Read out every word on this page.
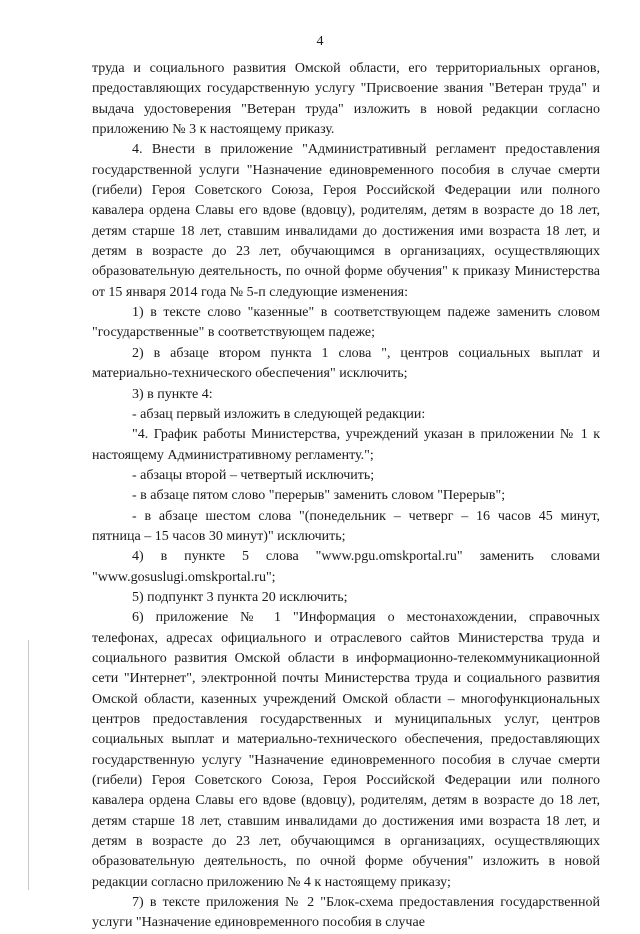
4

труда и социального развития Омской области, его территориальных органов, предоставляющих государственную услугу "Присвоение звания "Ветеран труда" и выдача удостоверения "Ветеран труда" изложить в новой редакции согласно приложению № 3 к настоящему приказу.

4. Внести в приложение "Административный регламент предоставления государственной услуги "Назначение единовременного пособия в случае смерти (гибели) Героя Советского Союза, Героя Российской Федерации или полного кавалера ордена Славы его вдове (вдовцу), родителям, детям в возрасте до 18 лет, детям старше 18 лет, ставшим инвалидами до достижения ими возраста 18 лет, и детям в возрасте до 23 лет, обучающимся в организациях, осуществляющих образовательную деятельность, по очной форме обучения" к приказу Министерства от 15 января 2014 года № 5-п следующие изменения:

1) в тексте слово "казенные" в соответствующем падеже заменить словом "государственные" в соответствующем падеже;

2) в абзаце втором пункта 1 слова ", центров социальных выплат и материально-технического обеспечения" исключить;

3) в пункте 4:

- абзац первый изложить в следующей редакции:

"4. График работы Министерства, учреждений указан в приложении № 1 к настоящему Административному регламенту.";

- абзацы второй – четвертый исключить;

- в абзаце пятом слово "перерыв" заменить словом "Перерыв";

- в абзаце шестом слова "(понедельник – четверг – 16 часов 45 минут, пятница – 15 часов 30 минут)" исключить;

4) в пункте 5 слова "www.pgu.omskportal.ru" заменить словами "www.gosuslugi.omskportal.ru";

5) подпункт 3 пункта 20 исключить;

6) приложение № 1 "Информация о местонахождении, справочных телефонах, адресах официального и отраслевого сайтов Министерства труда и социального развития Омской области в информационно-телекоммуникационной сети "Интернет", электронной почты Министерства труда и социального развития Омской области, казенных учреждений Омской области – многофункциональных центров предоставления государственных и муниципальных услуг, центров социальных выплат и материально-технического обеспечения, предоставляющих государственную услугу "Назначение единовременного пособия в случае смерти (гибели) Героя Советского Союза, Героя Российской Федерации или полного кавалера ордена Славы его вдове (вдовцу), родителям, детям в возрасте до 18 лет, детям старше 18 лет, ставшим инвалидами до достижения ими возраста 18 лет, и детям в возрасте до 23 лет, обучающимся в организациях, осуществляющих образовательную деятельность, по очной форме обучения" изложить в новой редакции согласно приложению № 4 к настоящему приказу;

7) в тексте приложения № 2 "Блок-схема предоставления государственной услуги "Назначение единовременного пособия в случае
